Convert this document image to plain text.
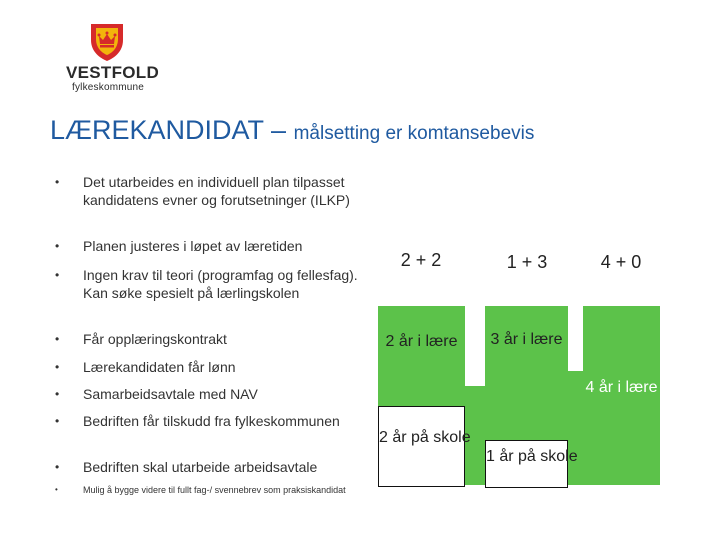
VESTFOLD
fylkeskommune
LÆREKANDIDAT – målsetting er komtansebevis
• Det utarbeides en individuell plan tilpasset kandidatens evner og forutsetninger (ILKP)
• Planen justeres i løpet av læretiden
• Ingen krav til teori (programfag og fellesfag). Kan søke spesielt på lærlingskolen
• Får opplæringskontrakt
• Lærekandidaten får lønn
• Samarbeidsavtale med NAV
• Bedriften får tilskudd fra fylkeskommunen
• Bedriften skal utarbeide arbeidsavtale
•	Mulig å bygge videre til fullt fag-/ svennebrev som praksiskandidat
2 + 2	1 + 3	4 + 0
2 år i lære	3 år i lære
4 år i lære
2 år på skole
1 år på skole
